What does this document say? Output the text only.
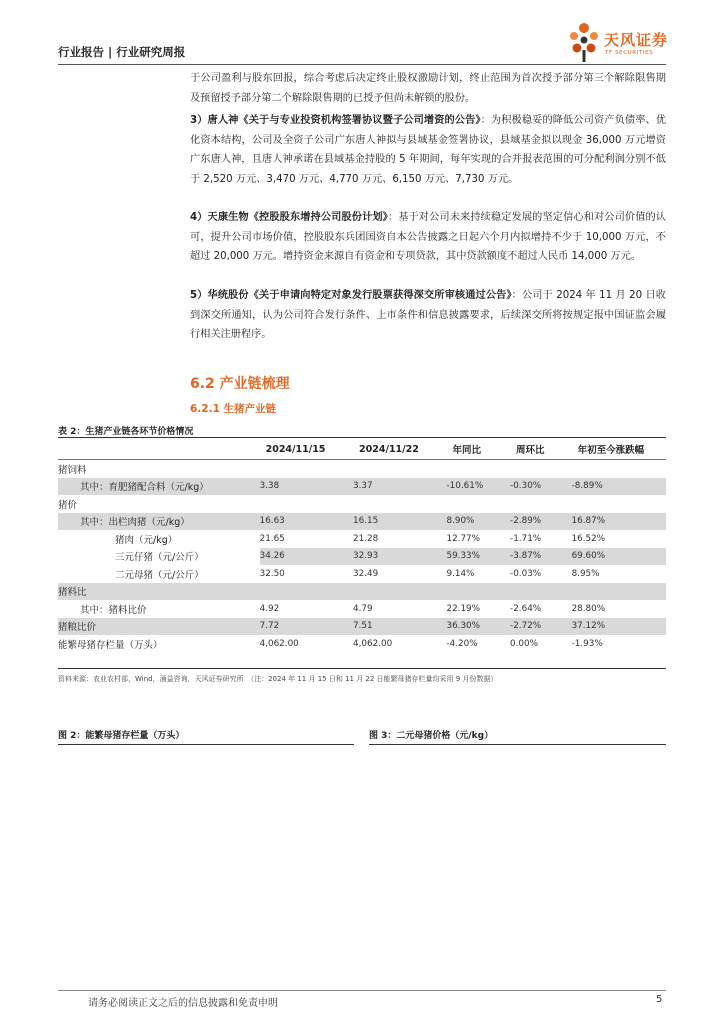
行业报告 | 行业研究周报
天风证券
TF SECURITIES
于公司盈利与股东回报，综合考虑后决定终止股权激励计划，终止范围为首次授予部分第三个解除限售期及预留授予部分第二个解除限售期的已授予但尚未解锁的股份。
3）唐人神《关于与专业投资机构签署协议暨子公司增资的公告》：为积极稳妥的降低公司资产负债率、优化资本结构，公司及全资子公司广东唐人神拟与县域基金签署协议，县域基金拟以现金 36,000 万元增资广东唐人神，且唐人神承诺在县域基金持股的 5 年期间，每年实现的合并报表范围的可分配利润分别不低于 2,520 万元、3,470 万元、4,770 万元、6,150 万元、7,730 万元。
4）天康生物《控股股东增持公司股份计划》：基于对公司未来持续稳定发展的坚定信心和对公司价值的认可，提升公司市场价值，控股股东兵团国资自本公告披露之日起六个月内拟增持不少于 10,000 万元，不超过 20,000 万元。增持资金来源自有资金和专项贷款，其中贷款额度不超过人民币 14,000 万元。
5）华统股份《关于申请向特定对象发行股票获得深交所审核通过公告》：公司于 2024 年 11 月 20 日收到深交所通知，认为公司符合发行条件、上市条件和信息披露要求，后续深交所将按规定报中国证监会履行相关注册程序。
6.2 产业链梳理
6.2.1 生猪产业链
表 2：生猪产业链各环节价格情况
	2024/11/15	2024/11/22	年同比	周环比	年初至今涨跌幅
猪饲料					
其中：育肥猪配合料（元/kg）	3.38	3.37	-10.61%	-0.30%	-8.89%
猪价					
其中：出栏肉猪（元/kg）	16.63	16.15	8.90%	-2.89%	16.87%
猪肉（元/kg）	21.65	21.28	12.77%	-1.71%	16.52%
三元仔猪（元/公斤）	34.26	32.93	59.33%	-3.87%	69.60%
二元母猪（元/公斤）	32.50	32.49	9.14%	-0.03%	8.95%
猪料比					
其中：猪料比价	4.92	4.79	22.19%	-2.64%	28.80%
猪粮比价	7.72	7.51	36.30%	-2.72%	37.12%
能繁母猪存栏量（万头）	4,062.00	4,062.00	-4.20%	0.00%	-1.93%
资料来源：农业农村部，Wind，涌益咨询，天风证券研究所　（注：2024 年 11 月 15 日和 11 月 22 日能繁母猪存栏量均采用 9 月份数据）
图 2：能繁母猪存栏量（万头）	图 3：二元母猪价格（元/kg）
请务必阅读正文之后的信息披露和免责申明	5
